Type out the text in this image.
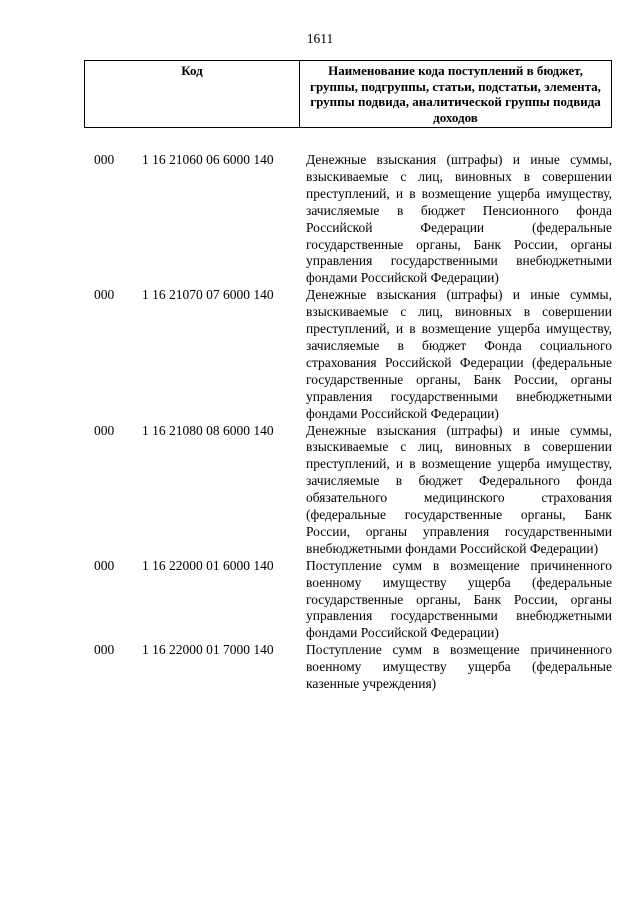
1611
Код	Наименование кода поступлений в бюджет, группы, подгруппы, статьи, подстатьи, элемента, группы подвида, аналитической группы подвида доходов
000	1 16 21060 06 6000 140	Денежные взыскания (штрафы) и иные суммы, взыскиваемые с лиц, виновных в совершении преступлений, и в возмещение ущерба имуществу, зачисляемые в бюджет Пенсионного фонда Российской Федерации (федеральные государственные органы, Банк России, органы управления государственными внебюджетными фондами Российской Федерации)
000	1 16 21070 07 6000 140	Денежные взыскания (штрафы) и иные суммы, взыскиваемые с лиц, виновных в совершении преступлений, и в возмещение ущерба имуществу, зачисляемые в бюджет Фонда социального страхования Российской Федерации (федеральные государственные органы, Банк России, органы управления государственными внебюджетными фондами Российской Федерации)
000	1 16 21080 08 6000 140	Денежные взыскания (штрафы) и иные суммы, взыскиваемые с лиц, виновных в совершении преступлений, и в возмещение ущерба имуществу, зачисляемые в бюджет Федерального фонда обязательного медицинского страхования (федеральные государственные органы, Банк России, органы управления государственными внебюджетными фондами Российской Федерации)
000	1 16 22000 01 6000 140	Поступление сумм в возмещение причиненного военному имуществу ущерба (федеральные государственные органы, Банк России, органы управления государственными внебюджетными фондами Российской Федерации)
000	1 16 22000 01 7000 140	Поступление сумм в возмещение причиненного военному имуществу ущерба (федеральные казенные учреждения)
